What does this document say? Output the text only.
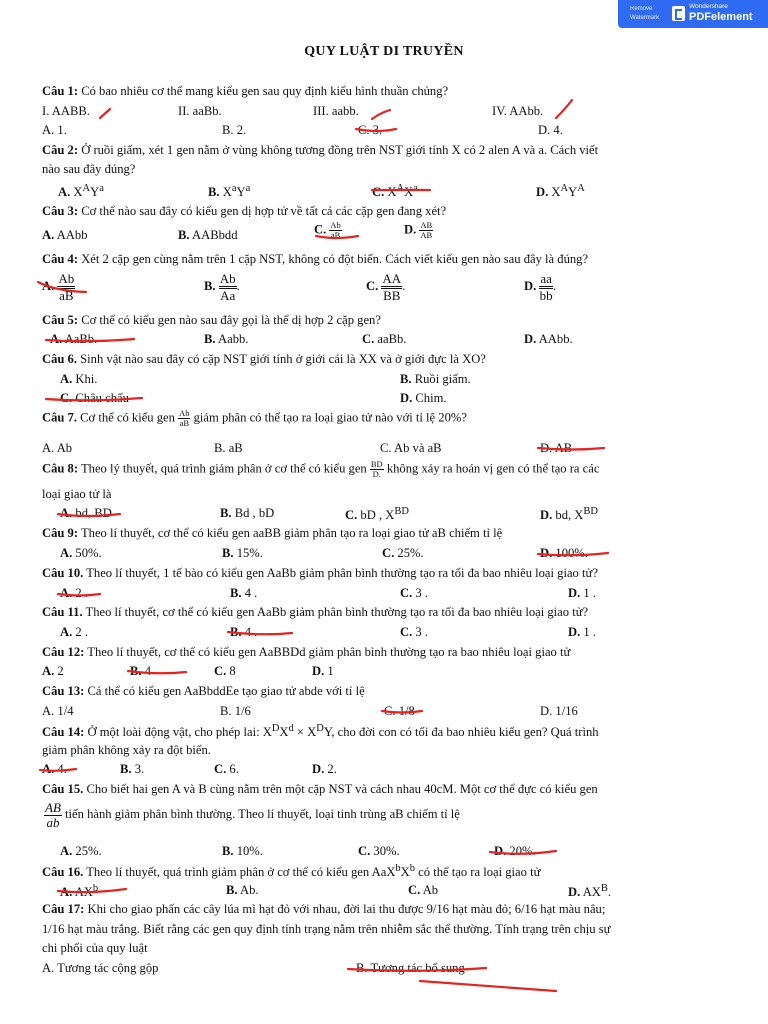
Remove
Watermark
Wondershare
PDFelement
QUY LUẬT DI TRUYỀN
Câu 1: Có bao nhiêu cơ thể mang kiểu gen sau quy định kiểu hình thuần chủng?
I. AABB.	II. aaBb.	III. aabb.	IV. AAbb.
A. 1.	B. 2.	C. 3.	D. 4.
Câu 2: Ở ruồi giấm, xét 1 gen nằm ở vùng không tương đồng trên NST giới tính X có 2 alen A và a. Cách viết
nào sau đây đúng?
A. $X^AY^a$	B. $X^aY^a$	C. $X^AX^a$	D. $X^AY^A$
Câu 3: Cơ thể nào sau đây có kiểu gen dị hợp tử về tất cả các cặp gen đang xét?
A. AAbb	B. AABbdd	C. $\frac{Ab}{aB}$	D. $\frac{AB}{AB}$
Câu 4: Xét 2 cặp gen cùng nằm trên 1 cặp NST, không có đột biến. Cách viết kiểu gen nào sau đây là đúng?
A. $\frac{Ab}{aB}$	B. $\frac{Ab}{Aa}$ .	C. $\frac{AA}{BB}$ .	D. $\frac{aa}{bb}$ .
Câu 5: Cơ thể có kiểu gen nào sau đây gọi là thể dị hợp 2 cặp gen?
A. AaBb.	B. Aabb.	C. aaBb.	D. AAbb.
Câu 6. Sinh vật nào sau đây có cặp NST giới tính ở giới cái là XX và ở giới đực là XO?
A. Khi.	B. Ruồi giấm.
C. Châu chấu	D. Chim.
Câu 7. Cơ thể có kiểu gen $\frac{Ab}{aB}$ giảm phân có thể tạo ra loại giao tử nào với tỉ lệ 20%?
A. Ab	B. aB	C. Ab và aB	D. AB
Câu 8: Theo lý thuyết, quá trình giảm phân ở cơ thể có kiểu gen $\frac{BD}{D.}$ không xảy ra hoán vị gen có thể tạo ra các
loại giao tử là
A. bd, BD	B. Bd , bD	C. bD , $X^{BD}$	D. bd, $X^{BD}$
Câu 9: Theo lí thuyết, cơ thể có kiểu gen aaBB giảm phân tạo ra loại giao tử aB chiếm tỉ lệ
A. 50%.	B. 15%.	C. 25%.	D. 100%.
Câu 10. Theo lí thuyết, 1 tế bào có kiểu gen AaBb giảm phân bình thường tạo ra tối đa bao nhiêu loại giao tử?
A. 2 .	B. 4 .	C. 3 .	D. 1 .
Câu 11. Theo lí thuyết, cơ thể có kiểu gen AaBb giảm phân bình thường tạo ra tối đa bao nhiêu loại giao tử?
A. 2 .	B. 4 .	C. 3 .	D. 1 .
Câu 12: Theo lí thuyết, cơ thể có kiểu gen AaBBDd giảm phân bình thường tạo ra bao nhiêu loại giao tử
A. 2	B. 4	C. 8	D. 1
Câu 13: Cá thể có kiểu gen AaBbddEe tạo giao tử abde với tỉ lệ
A. 1/4	B. 1/6	C. 1/8	D. 1/16
Câu 14: Ở một loài động vật, cho phép lai: $X^DX^d \times X^DY$, cho đời con có tối đa bao nhiêu kiểu gen? Quá trình
giảm phân không xảy ra đột biến.
A. 4.	B. 3.	C. 6.	D. 2.
Câu 15. Cho biết hai gen A và B cùng nằm trên một cặp NST và cách nhau 40cM. Một cơ thể đực có kiểu gen
$\frac{AB}{ab}$ tiến hành giảm phân bình thường. Theo lí thuyết, loại tinh trùng aB chiếm tỉ lệ
A. 25%.	B. 10%.	C. 30%.	D. 20%.
Câu 16. Theo lí thuyết, quá trình giảm phân ở cơ thể có kiểu gen $AaX^bX^b$ có thể tạo ra loại giao tử
A. $AX^b$	B. Ab.	C. Ab	D. $AX^B$.
Câu 17: Khi cho giao phấn các cây lúa mì hạt đỏ với nhau, đời lai thu được 9/16 hạt màu đỏ; 6/16 hạt màu nâu;
1/16 hạt màu trắng. Biết rằng các gen quy định tính trạng nằm trên nhiễm sắc thể thường. Tính trạng trên chịu sự
chi phối của quy luật
A. Tương tác cộng gộp	B. Tương tác bổ sung
